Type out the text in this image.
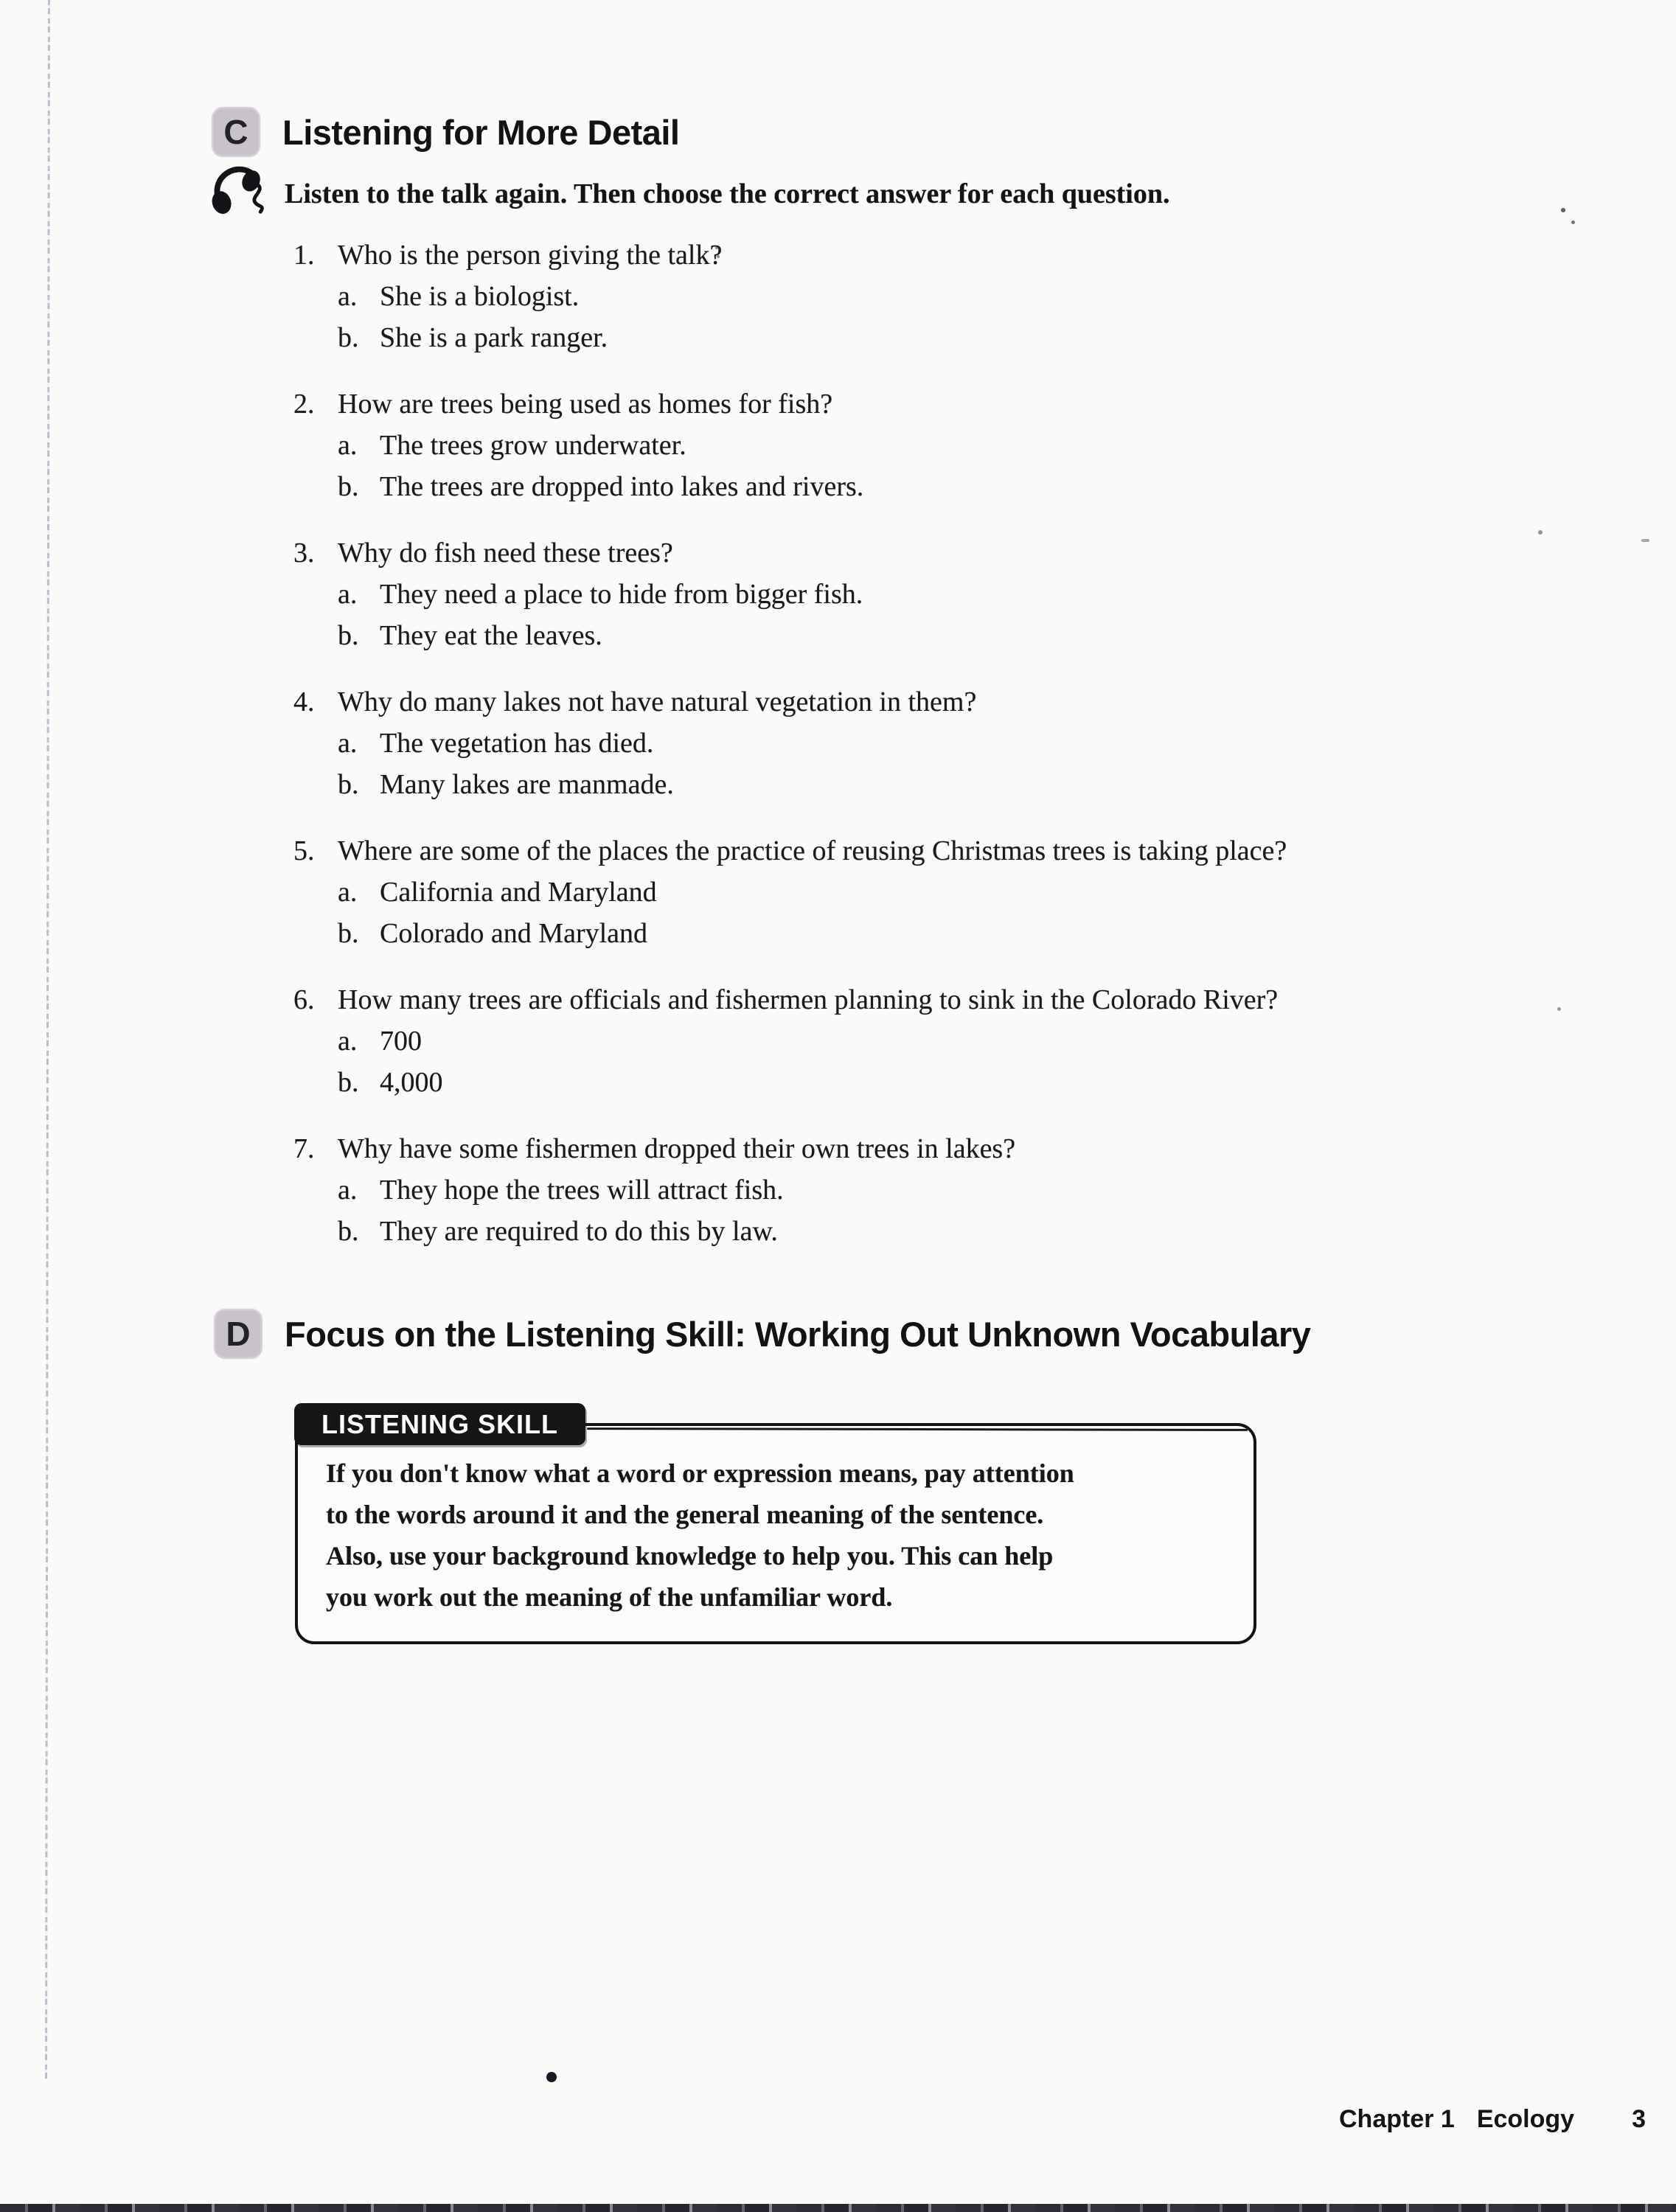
C Listening for More Detail
Listen to the talk again. Then choose the correct answer for each question.
1. Who is the person giving the talk?
a. She is a biologist.
b. She is a park ranger.
2. How are trees being used as homes for fish?
a. The trees grow underwater.
b. The trees are dropped into lakes and rivers.
3. Why do fish need these trees?
a. They need a place to hide from bigger fish.
b. They eat the leaves.
4. Why do many lakes not have natural vegetation in them?
a. The vegetation has died.
b. Many lakes are manmade.
5. Where are some of the places the practice of reusing Christmas trees is taking place?
a. California and Maryland
b. Colorado and Maryland
6. How many trees are officials and fishermen planning to sink in the Colorado River?
a. 700
b. 4,000
7. Why have some fishermen dropped their own trees in lakes?
a. They hope the trees will attract fish.
b. They are required to do this by law.
D Focus on the Listening Skill: Working Out Unknown Vocabulary
LISTENING SKILL
If you don't know what a word or expression means, pay attention
to the words around it and the general meaning of the sentence.
Also, use your background knowledge to help you. This can help
you work out the meaning of the unfamiliar word.
Chapter 1 Ecology 3
